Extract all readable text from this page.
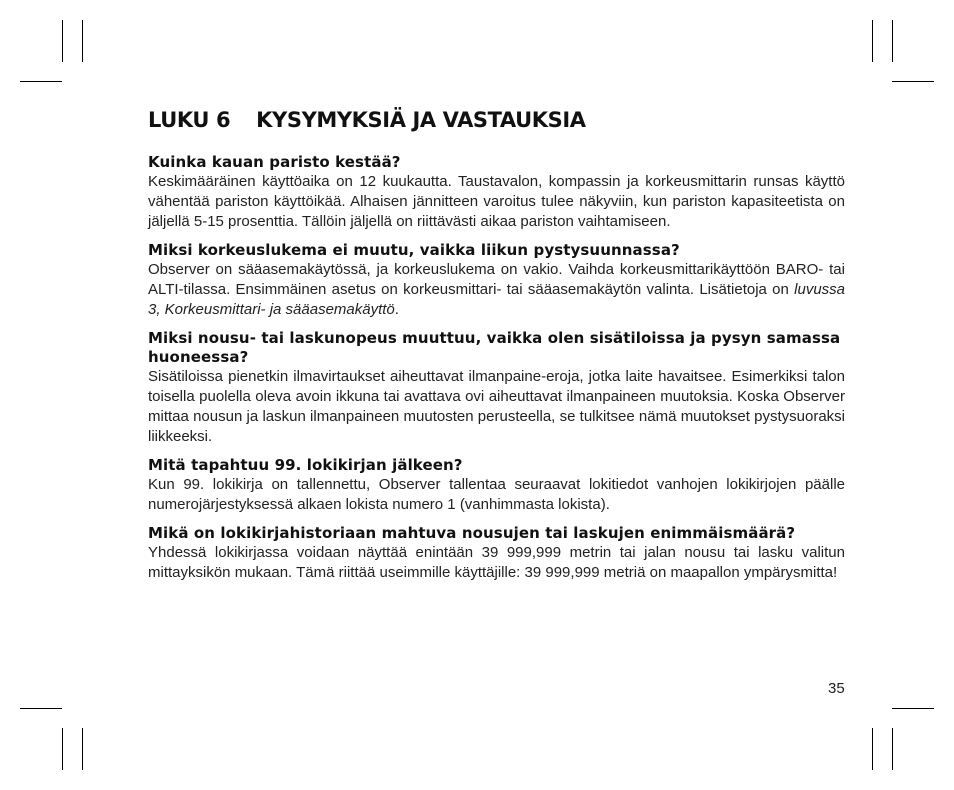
LUKU 6 KYSYMYKSIÄ JA VASTAUKSIA

Kuinka kauan paristo kestää?

Keskimääräinen käyttöaika on 12 kuukautta. Taustavalon, kompassin ja korkeusmittarin runsas käyttö vähentää pariston käyttöikää. Alhaisen jännitteen varoitus tulee näkyviin, kun pariston kapasiteetista on jäljellä 5-15 prosenttia. Tällöin jäljellä on riittävästi aikaa pariston vaihtamiseen.

Miksi korkeuslukema ei muutu, vaikka liikun pystysuunnassa?

Observer on sääasemakäytössä, ja korkeuslukema on vakio. Vaihda korkeusmittarikäyttöön BARO- tai ALTI-tilassa. Ensimmäinen asetus on korkeusmittari- tai sääasemakäytön valinta. Lisätietoja on luvussa 3, Korkeusmittari- ja sääasemakäyttö.

Miksi nousu- tai laskunopeus muuttuu, vaikka olen sisätiloissa ja pysyn samassa huoneessa?

Sisätiloissa pienetkin ilmavirtaukset aiheuttavat ilmanpaine-eroja, jotka laite havaitsee. Esimerkiksi talon toisella puolella oleva avoin ikkuna tai avattava ovi aiheuttavat ilmanpaineen muutoksia. Koska Observer mittaa nousun ja laskun ilmanpaineen muutosten perusteella, se tulkitsee nämä muutokset pystysuoraksi liikkeeksi.

Mitä tapahtuu 99. lokikirjan jälkeen?

Kun 99. lokikirja on tallennettu, Observer tallentaa seuraavat lokitiedot vanhojen lokikirjojen päälle numerojärjestyksessä alkaen lokista numero 1 (vanhimmasta lokista).

Mikä on lokikirjahistoriaan mahtuva nousujen tai laskujen enimmäismäärä?

Yhdessä lokikirjassa voidaan näyttää enintään 39 999,999 metrin tai jalan nousu tai lasku valitun mittayksikön mukaan. Tämä riittää useimmille käyttäjille: 39 999,999 metriä on maapallon ympärysmitta!

35
